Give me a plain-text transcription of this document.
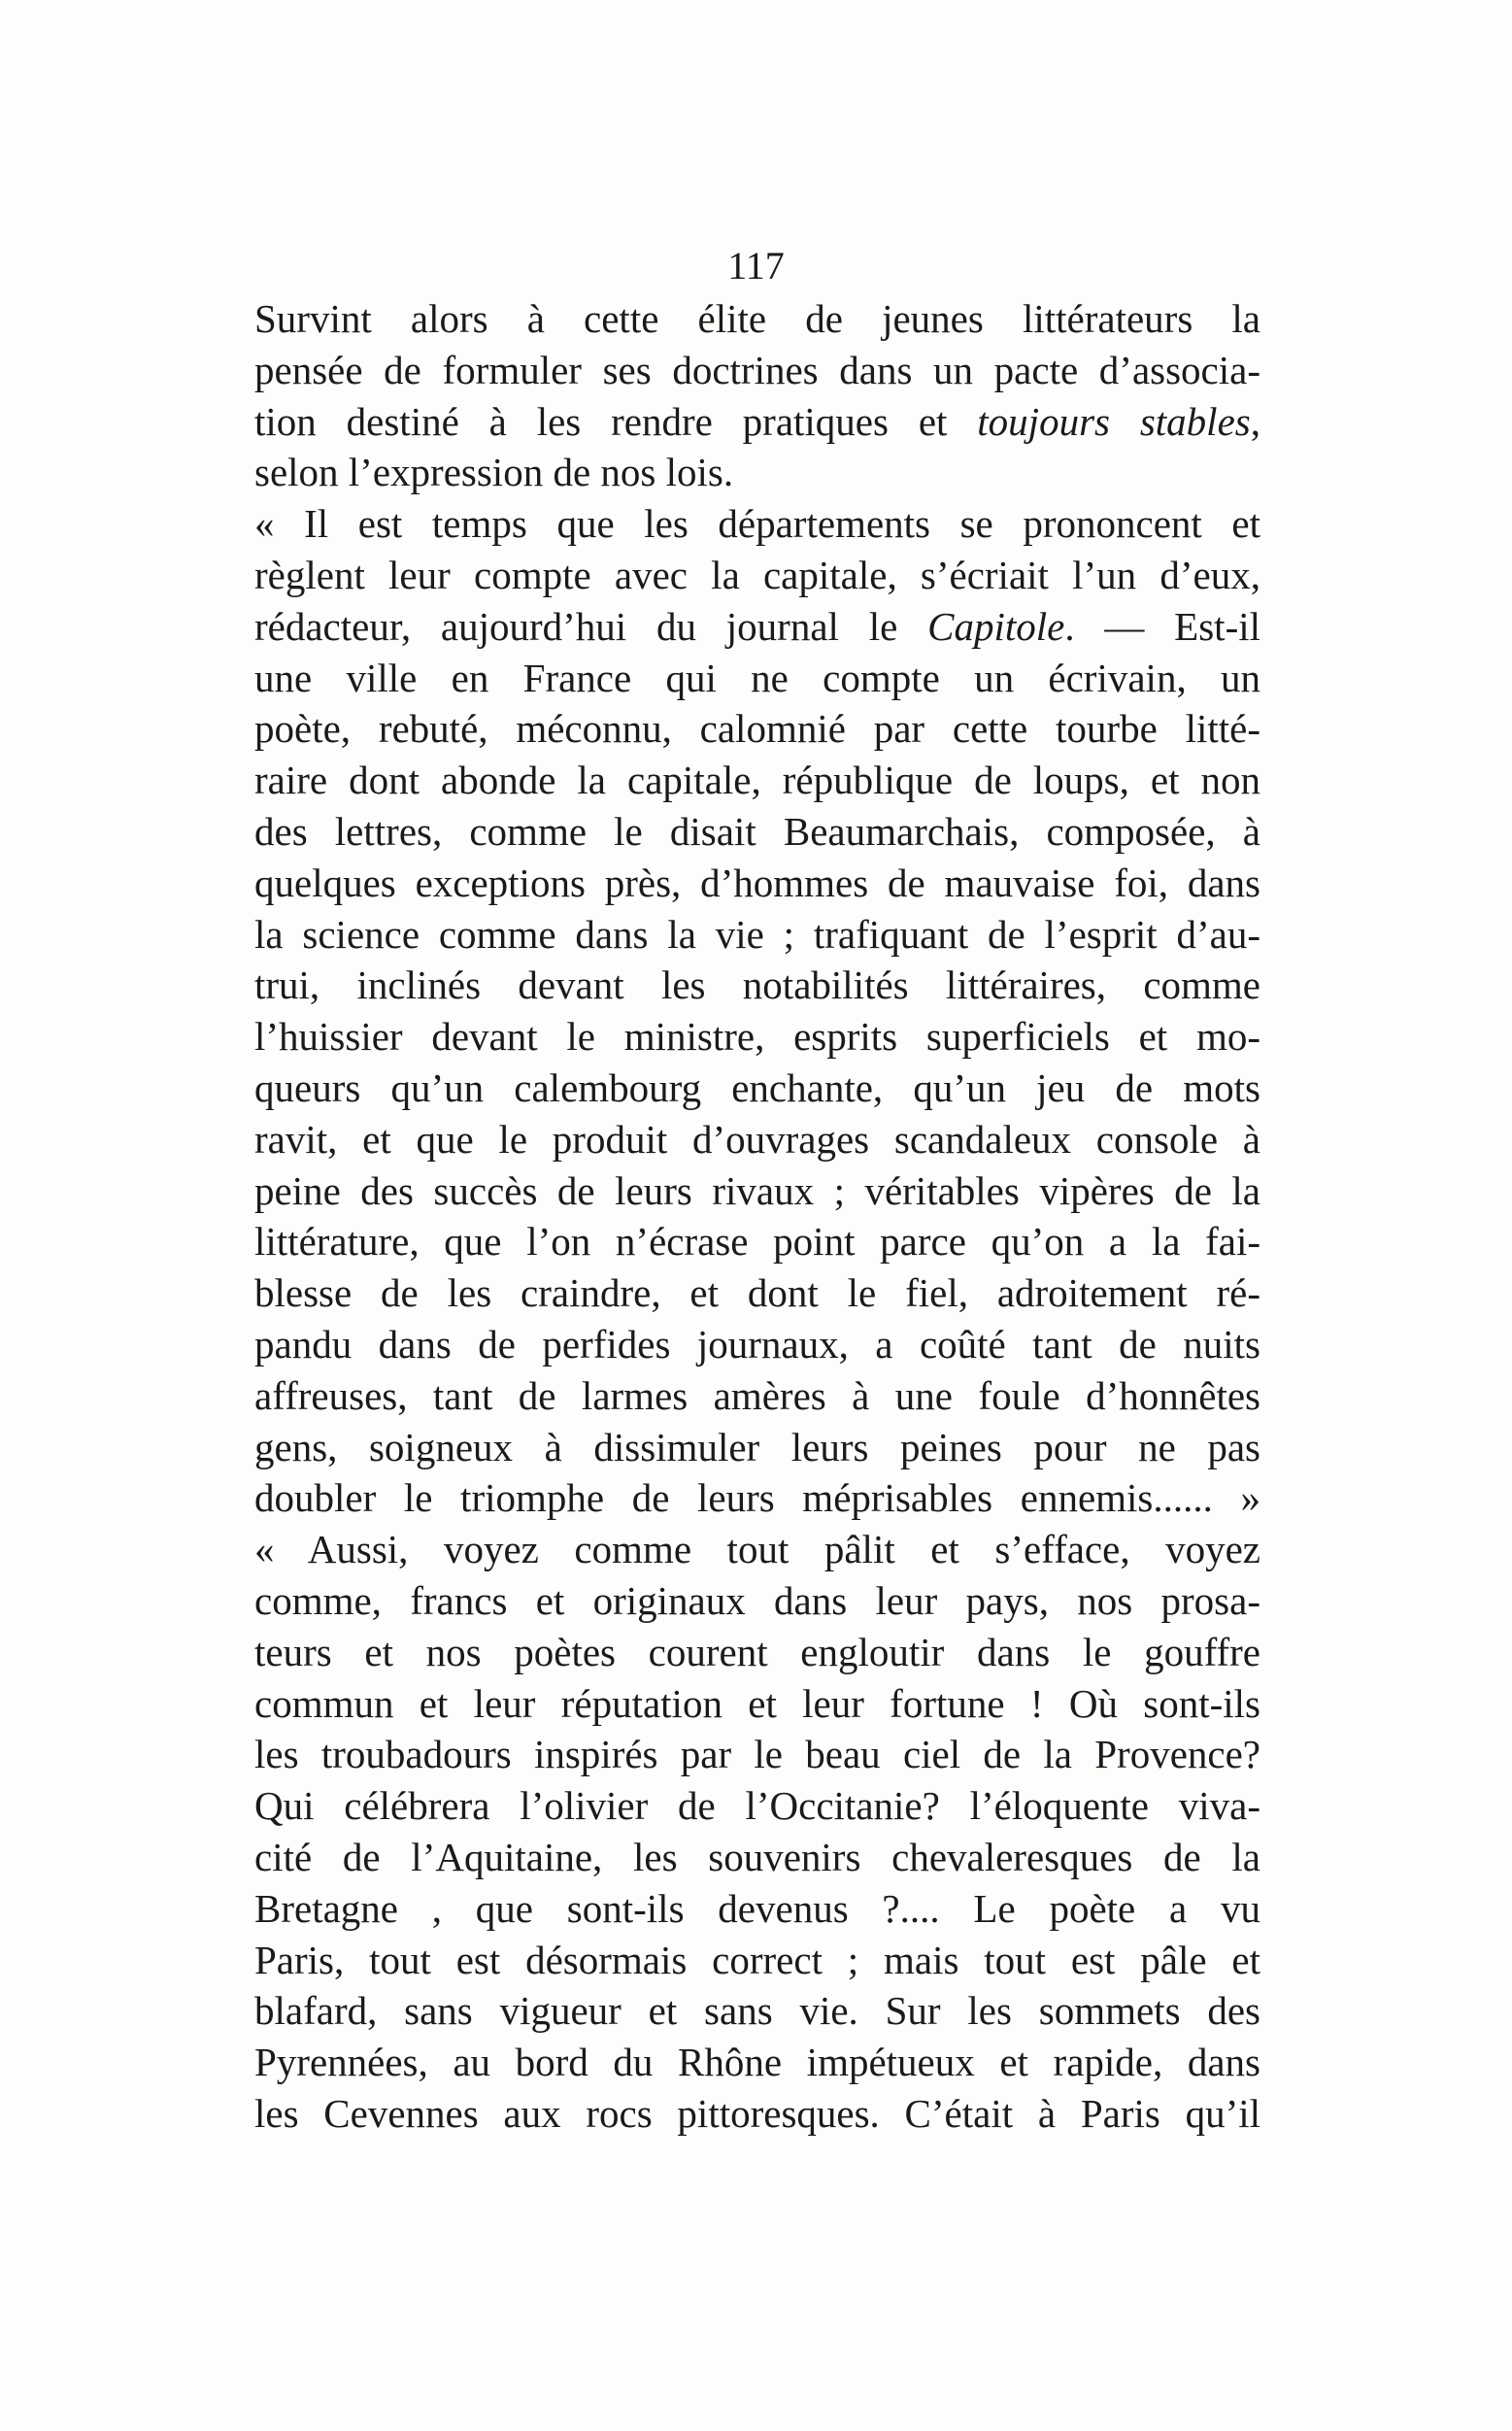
117
Survint alors à cette élite de jeunes littérateurs la
pensée de formuler ses doctrines dans un pacte d’associa-
tion destiné à les rendre pratiques et toujours stables,
selon l’expression de nos lois.
« Il est temps que les départements se prononcent et
règlent leur compte avec la capitale, s’écriait l’un d’eux,
rédacteur, aujourd’hui du journal le Capitole. — Est-il
une ville en France qui ne compte un écrivain, un
poète, rebuté, méconnu, calomnié par cette tourbe litté-
raire dont abonde la capitale, république de loups, et non
des lettres, comme le disait Beaumarchais, composée, à
quelques exceptions près, d’hommes de mauvaise foi, dans
la science comme dans la vie ; trafiquant de l’esprit d’au-
trui, inclinés devant les notabilités littéraires, comme
l’huissier devant le ministre, esprits superficiels et mo-
queurs qu’un calembourg enchante, qu’un jeu de mots
ravit, et que le produit d’ouvrages scandaleux console à
peine des succès de leurs rivaux ; véritables vipères de la
littérature, que l’on n’écrase point parce qu’on a la fai-
blesse de les craindre, et dont le fiel, adroitement ré-
pandu dans de perfides journaux, a coûté tant de nuits
affreuses, tant de larmes amères à une foule d’honnêtes
gens, soigneux à dissimuler leurs peines pour ne pas
doubler le triomphe de leurs méprisables ennemis...... »
« Aussi, voyez comme tout pâlit et s’efface, voyez
comme, francs et originaux dans leur pays, nos prosa-
teurs et nos poètes courent engloutir dans le gouffre
commun et leur réputation et leur fortune ! Où sont-ils
les troubadours inspirés par le beau ciel de la Provence?
Qui célébrera l’olivier de l’Occitanie? l’éloquente viva-
cité de l’Aquitaine, les souvenirs chevaleresques de la
Bretagne , que sont-ils devenus ?.... Le poète a vu
Paris, tout est désormais correct ; mais tout est pâle et
blafard, sans vigueur et sans vie. Sur les sommets des
Pyrennées, au bord du Rhône impétueux et rapide, dans
les Cevennes aux rocs pittoresques. C’était à Paris qu’il
